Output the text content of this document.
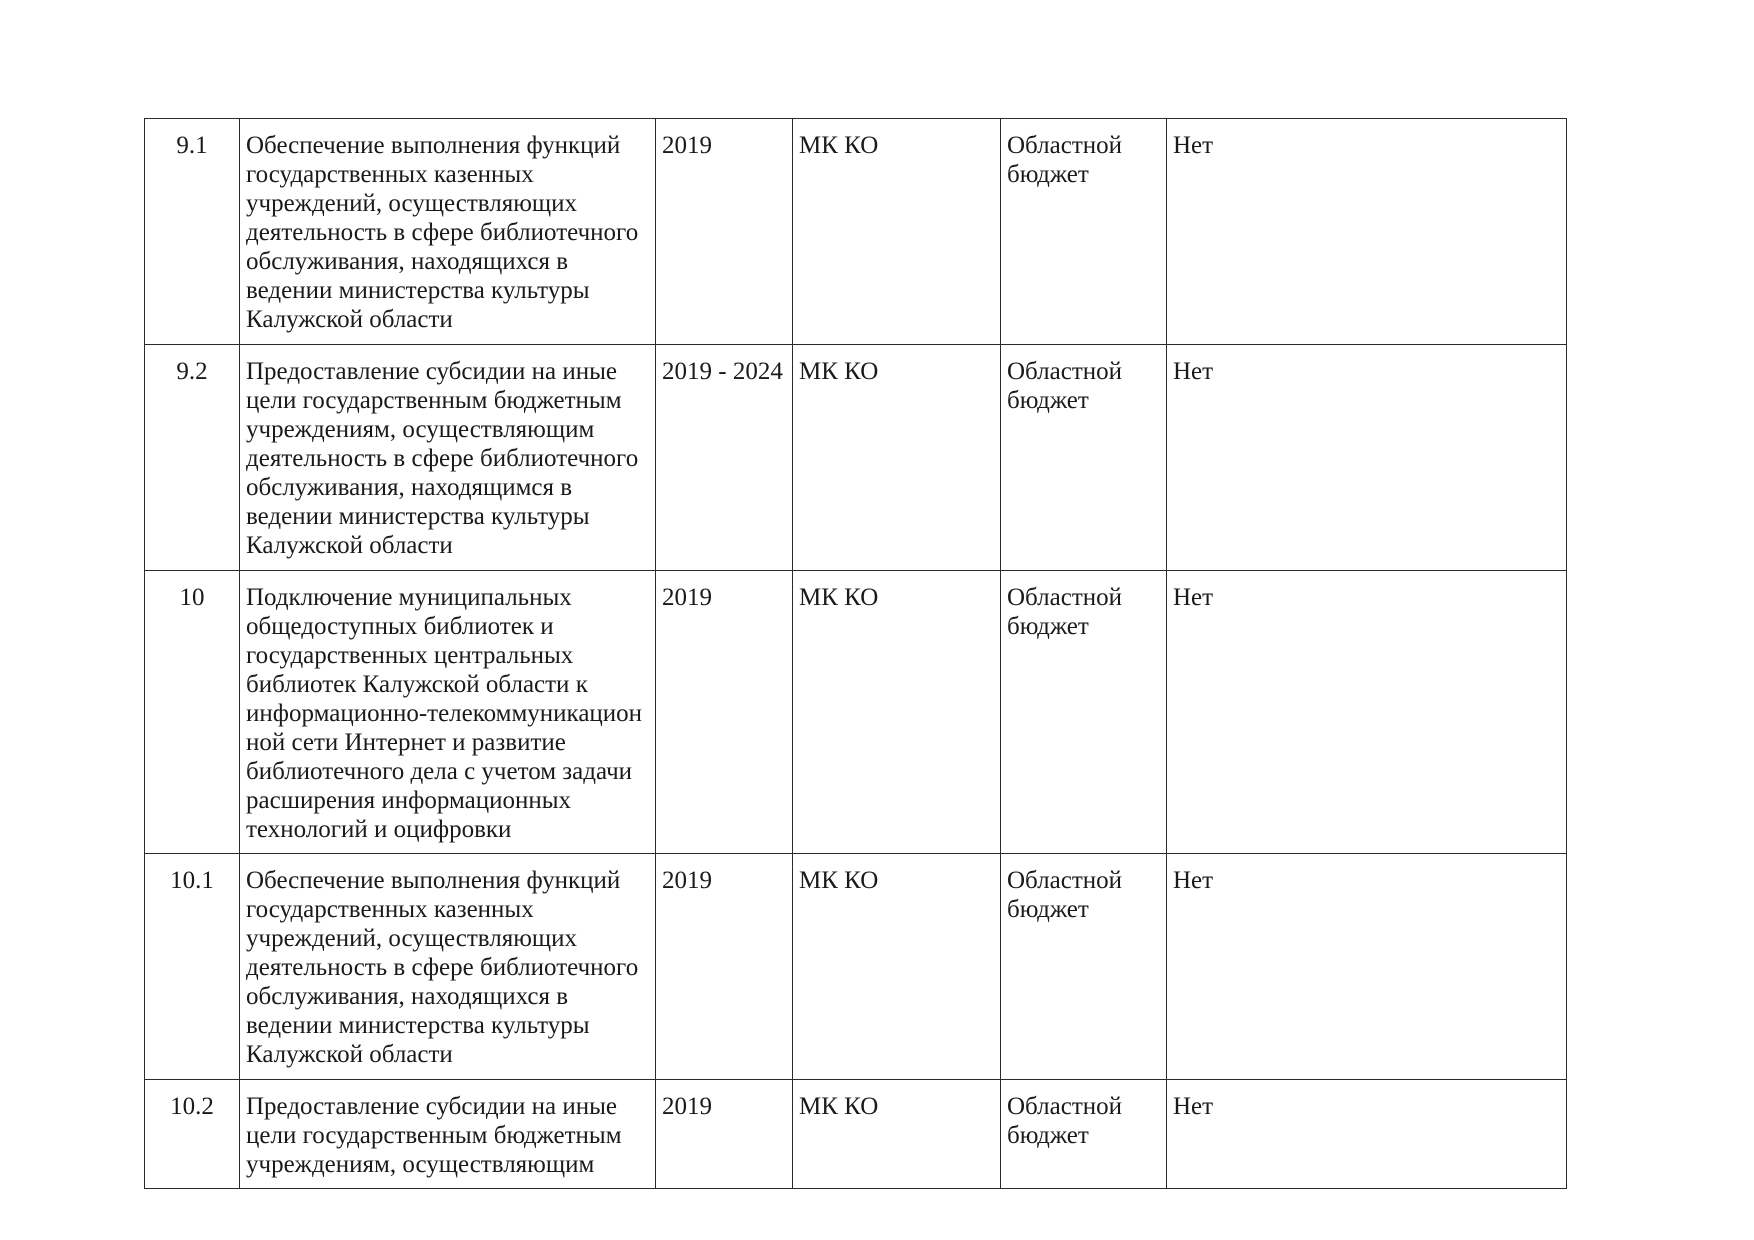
9.1	Обеспечение выполнения функций государственных казенных учреждений, осуществляющих деятельность в сфере библиотечного обслуживания, находящихся в ведении министерства культуры Калужской области	2019	МК КО	Областной бюджет	Нет
9.2	Предоставление субсидии на иные цели государственным бюджетным учреждениям, осуществляющим деятельность в сфере библиотечного обслуживания, находящимся в ведении министерства культуры Калужской области	2019 - 2024	МК КО	Областной бюджет	Нет
10	Подключение муниципальных общедоступных библиотек и государственных центральных библиотек Калужской области к информационно-телекоммуникацион ной сети Интернет и развитие библиотечного дела с учетом задачи расширения информационных технологий и оцифровки	2019	МК КО	Областной бюджет	Нет
10.1	Обеспечение выполнения функций государственных казенных учреждений, осуществляющих деятельность в сфере библиотечного обслуживания, находящихся в ведении министерства культуры Калужской области	2019	МК КО	Областной бюджет	Нет
10.2	Предоставление субсидии на иные цели государственным бюджетным учреждениям, осуществляющим	2019	МК КО	Областной бюджет	Нет
